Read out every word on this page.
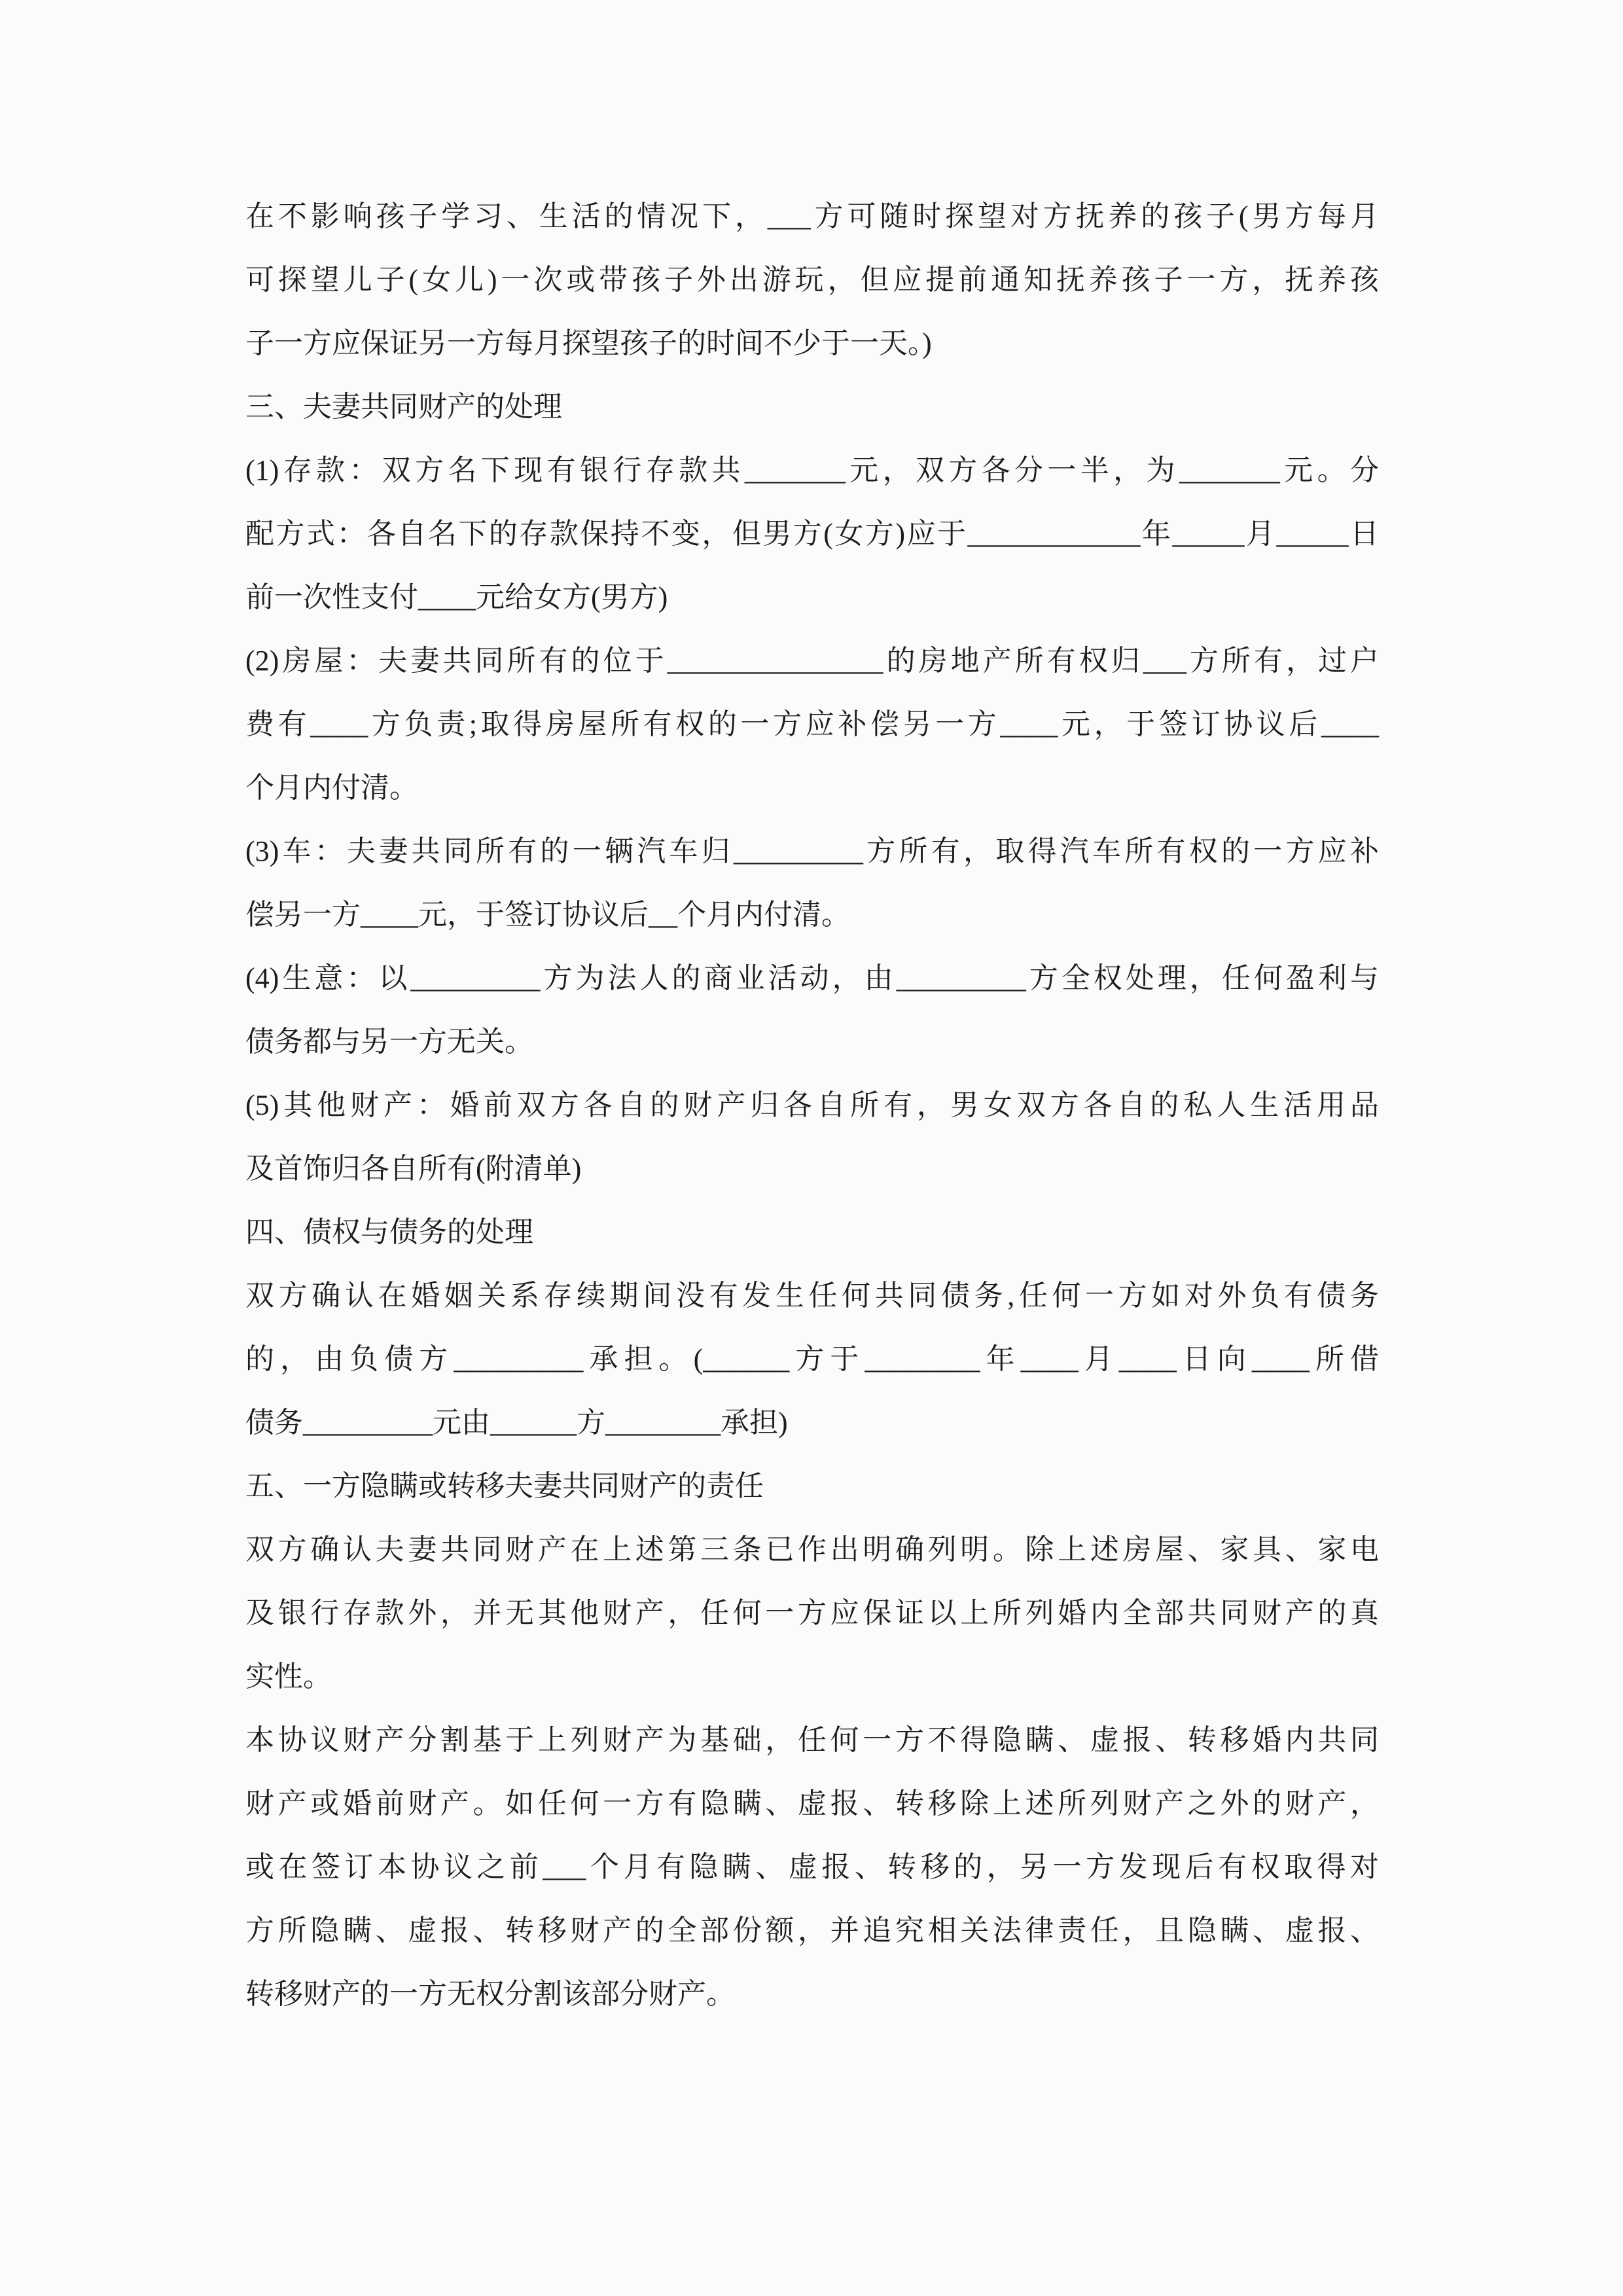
在不影响孩子学习、生活的情况下，___方可随时探望对方抚养的孩子(男方每月
可探望儿子(女儿)一次或带孩子外出游玩，但应提前通知抚养孩子一方，抚养孩
子一方应保证另一方每月探望孩子的时间不少于一天。)
三、夫妻共同财产的处理
(1)存款：双方名下现有银行存款共_______元，双方各分一半，为_______元。分
配方式：各自名下的存款保持不变，但男方(女方)应于____________年_____月_____日
前一次性支付____元给女方(男方)
(2)房屋：夫妻共同所有的位于_______________的房地产所有权归___方所有，过户
费有____方负责;取得房屋所有权的一方应补偿另一方____元，于签订协议后____
个月内付清。
(3)车：夫妻共同所有的一辆汽车归_________方所有，取得汽车所有权的一方应补
偿另一方____元，于签订协议后__个月内付清。
(4)生意：以_________方为法人的商业活动，由_________方全权处理，任何盈利与
债务都与另一方无关。
(5)其他财产：婚前双方各自的财产归各自所有，男女双方各自的私人生活用品
及首饰归各自所有(附清单)
四、债权与债务的处理
双方确认在婚姻关系存续期间没有发生任何共同债务,任何一方如对外负有债务
的，由负债方_________承担。(______方于________年____月____日向____所借
债务_________元由______方________承担)
五、一方隐瞒或转移夫妻共同财产的责任
双方确认夫妻共同财产在上述第三条已作出明确列明。除上述房屋、家具、家电
及银行存款外，并无其他财产，任何一方应保证以上所列婚内全部共同财产的真
实性。
本协议财产分割基于上列财产为基础，任何一方不得隐瞒、虚报、转移婚内共同
财产或婚前财产。如任何一方有隐瞒、虚报、转移除上述所列财产之外的财产，
或在签订本协议之前___个月有隐瞒、虚报、转移的，另一方发现后有权取得对
方所隐瞒、虚报、转移财产的全部份额，并追究相关法律责任，且隐瞒、虚报、
转移财产的一方无权分割该部分财产。
